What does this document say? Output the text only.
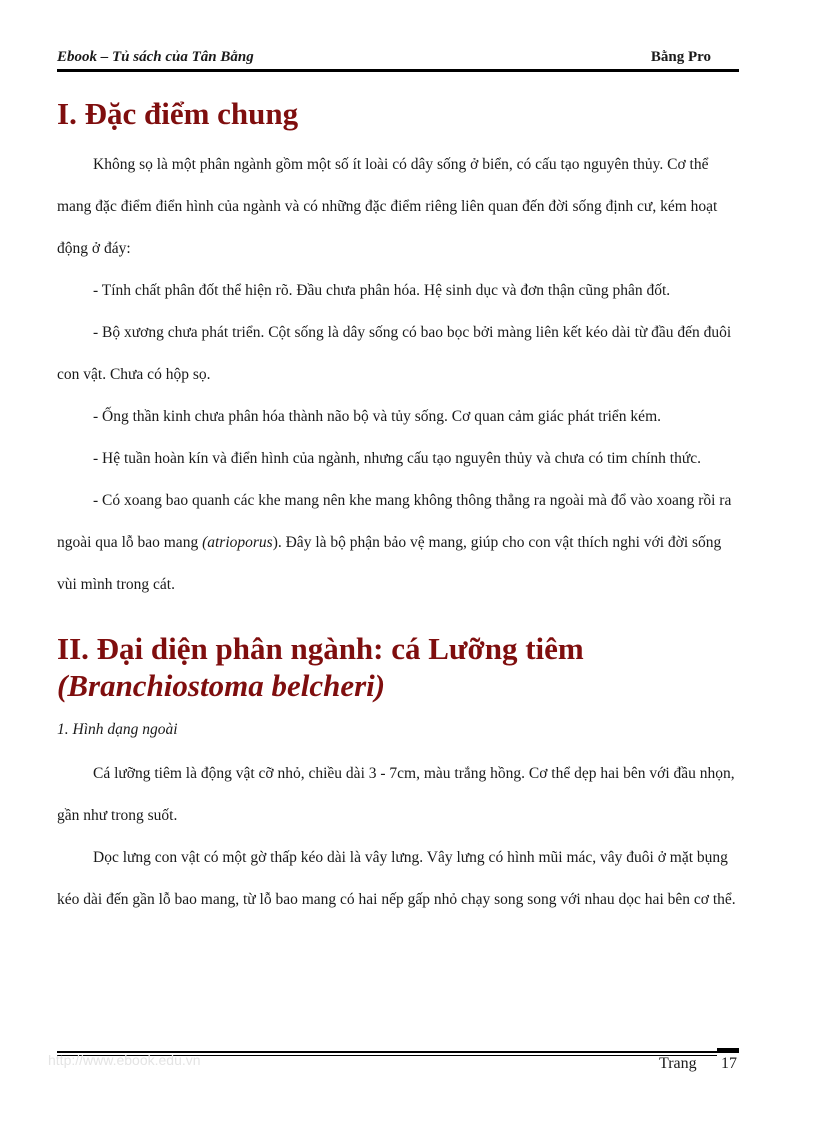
Ebook – Tủ sách của Tân Bằng	Bằng Pro
I. Đặc điểm chung

Không sọ là một phân ngành gồm một số ít loài có dây sống ở biển, có cấu tạo nguyên thủy. Cơ thể mang đặc điểm điển hình của ngành và có những đặc điểm riêng liên quan đến đời sống định cư, kém hoạt động ở đáy:

- Tính chất phân đốt thể hiện rõ. Đầu chưa phân hóa. Hệ sinh dục và đơn thận cũng phân đốt.

- Bộ xương chưa phát triển. Cột sống là dây sống có bao bọc bởi màng liên kết kéo dài từ đầu đến đuôi con vật. Chưa có hộp sọ.

- Ống thần kinh chưa phân hóa thành não bộ và tủy sống. Cơ quan cảm giác phát triển kém.

- Hệ tuần hoàn kín và điển hình của ngành, nhưng cấu tạo nguyên thủy và chưa có tim chính thức.

- Có xoang bao quanh các khe mang nên khe mang không thông thẳng ra ngoài mà đổ vào xoang rồi ra ngoài qua lỗ bao mang (atrioporus). Đây là bộ phận bảo vệ mang, giúp cho con vật thích nghi với đời sống vùi mình trong cát.

II. Đại diện phân ngành: cá Lưỡng tiêm
(Branchiostoma belcheri)
1. Hình dạng ngoài

Cá lưỡng tiêm là động vật cỡ nhỏ, chiều dài 3 - 7cm, màu trắng hồng. Cơ thể dẹp hai bên với đầu nhọn, gần như trong suốt.

Dọc lưng con vật có một gờ thấp kéo dài là vây lưng. Vây lưng có hình mũi mác, vây đuôi ở mặt bụng kéo dài đến gần lỗ bao mang, từ lỗ bao mang có hai nếp gấp nhỏ chạy song song với nhau dọc hai bên cơ thể.

http://www.ebook.edu.vn	Trang 17
